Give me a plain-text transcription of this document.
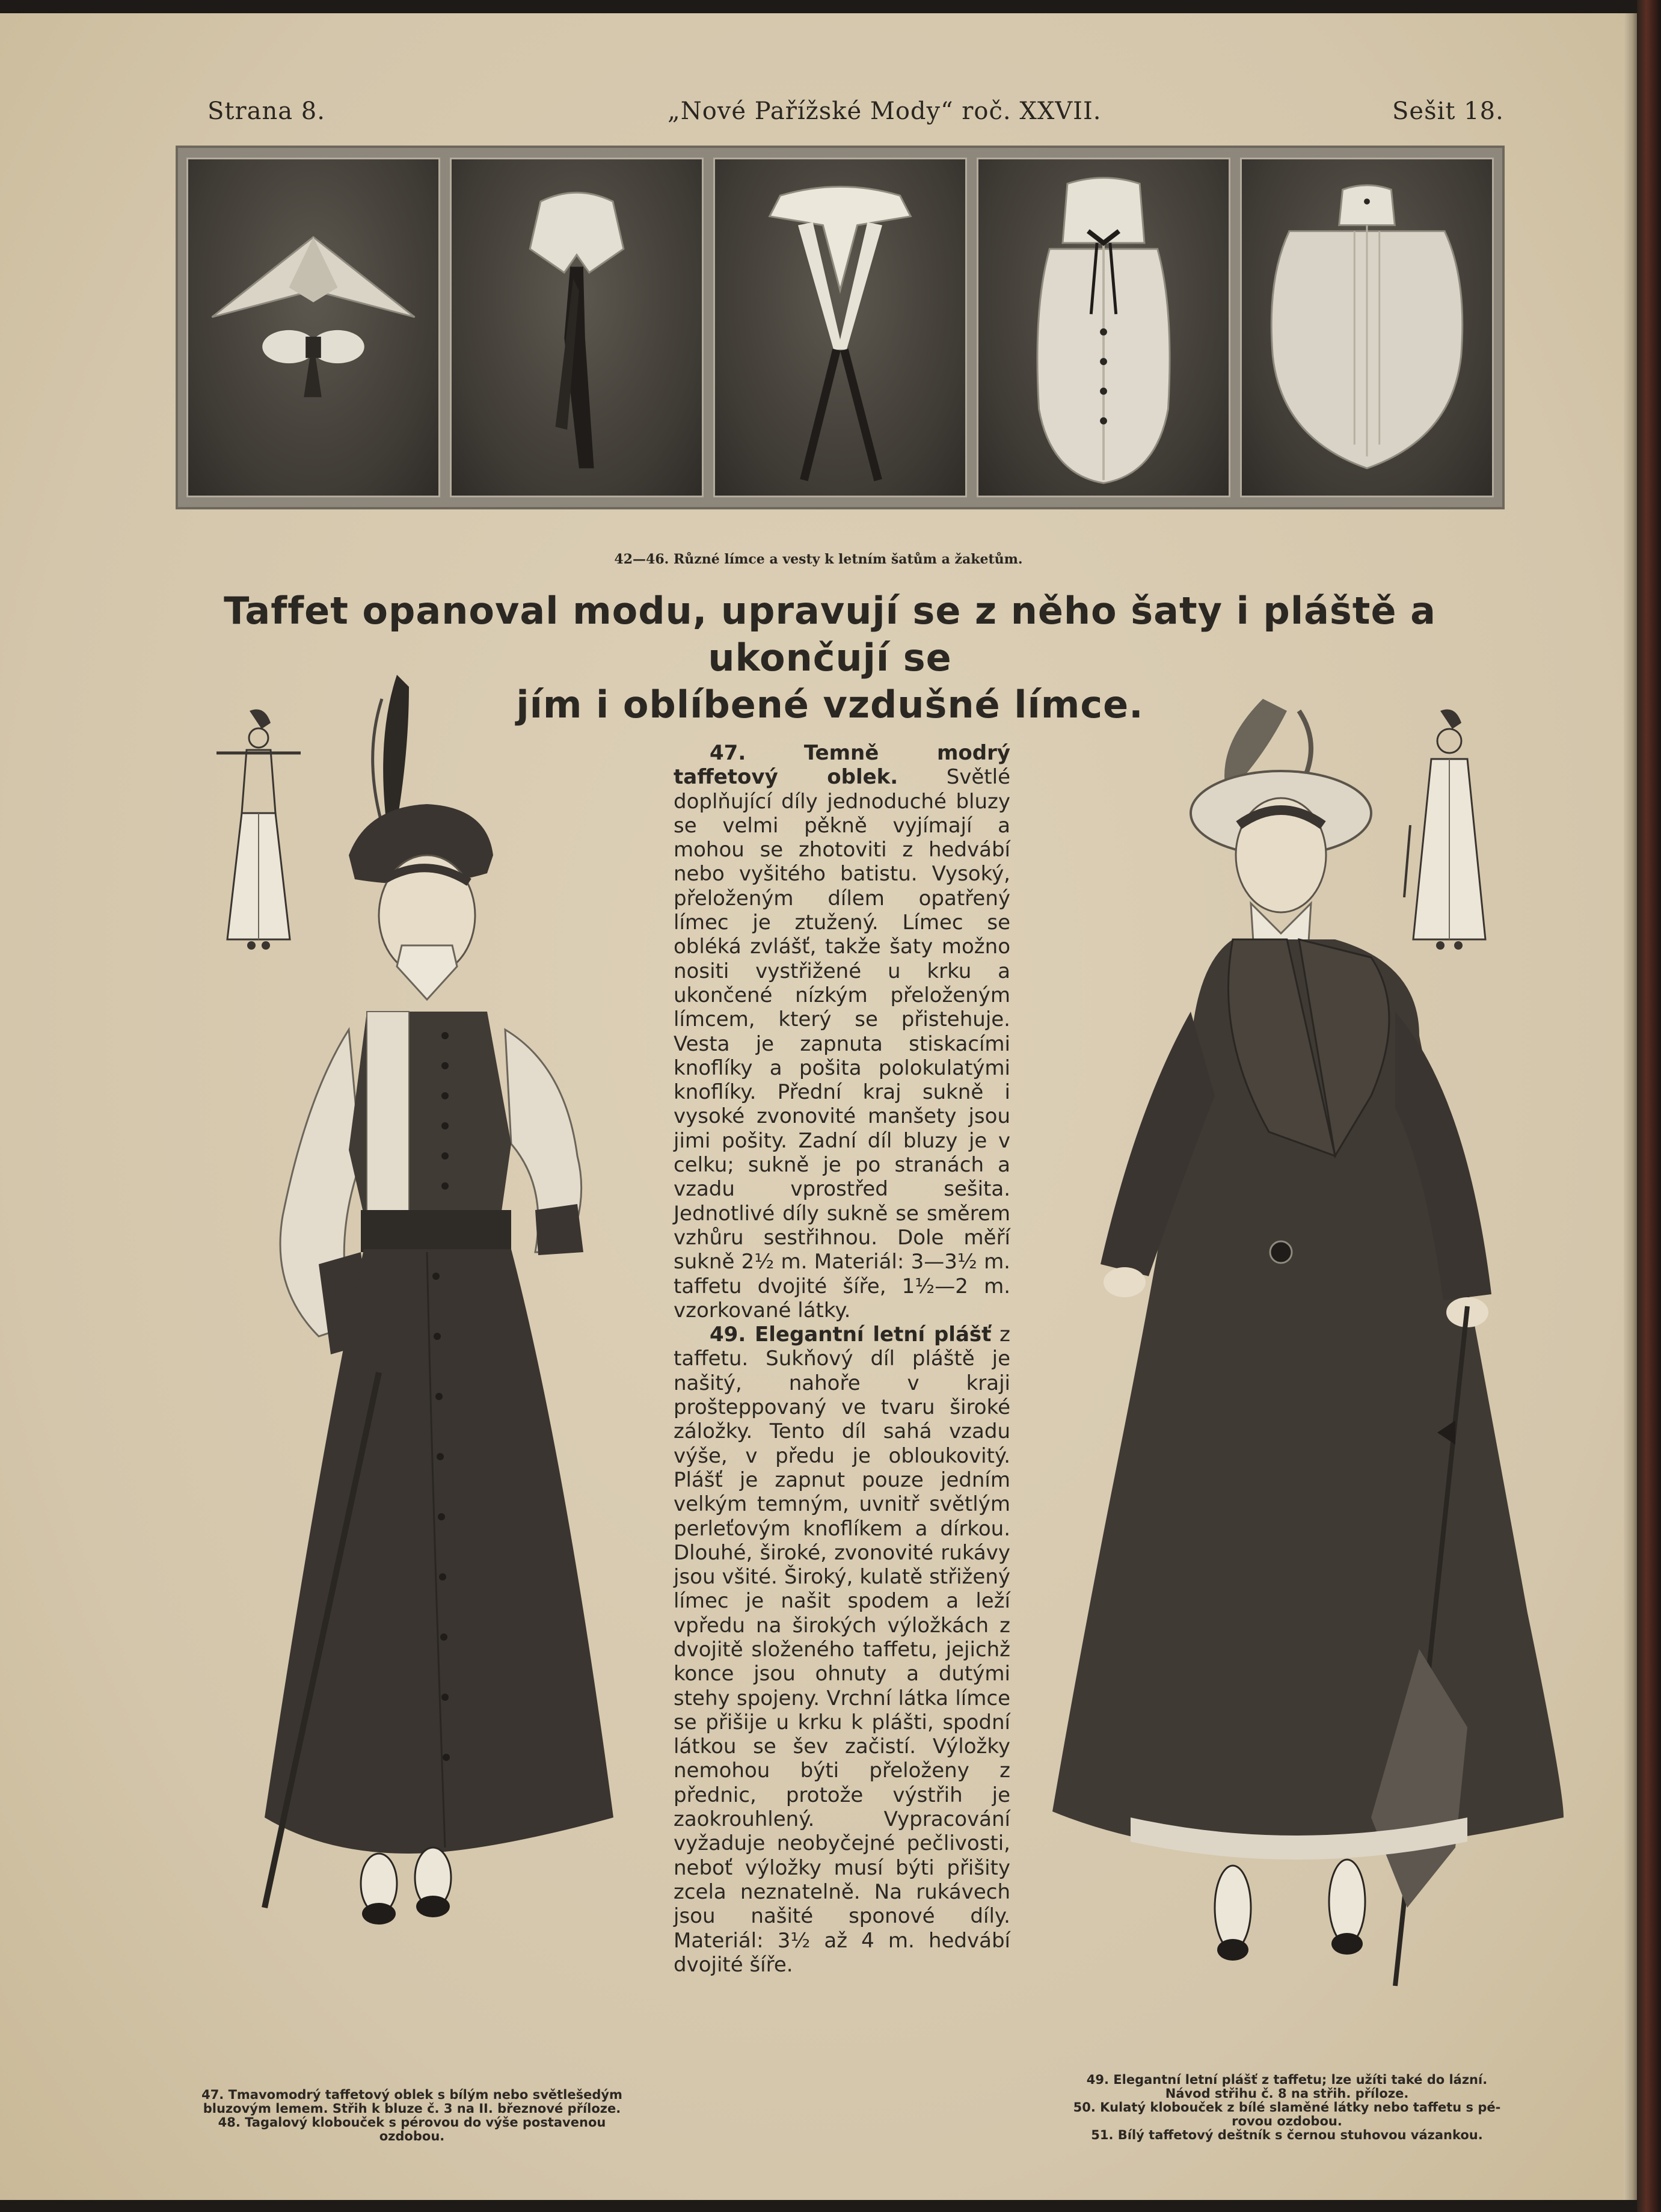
Strana 8.	„Nové Pařížské Mody“ roč. XXVII.	Sešit 18.
42—46. Různé límce a vesty k letním šatům a žaketům.
Taffet opanoval modu, upravují se z něho šaty i pláště a ukončují se
jím i oblíbené vzdušné límce.

47. Temně modrý taffetový oblek. Světlé doplňující díly jednoduché bluzy se velmi pěkně vyjímají a mohou se zhotoviti z hedvábí nebo vyšitého batistu. Vysoký, přeloženým dílem opatřený límec je ztužený. Límec se obléká zvlášť, takže šaty možno nositi vystřižené u krku a ukončené nízkým přeloženým límcem, který se přistehuje. Vesta je zapnuta stiskacími knoflíky a pošita polokulatými knoflíky. Přední kraj sukně i vysoké zvonovité manšety jsou jimi pošity. Zadní díl bluzy je v celku; sukně je po stranách a vzadu vprostřed sešita. Jednotlivé díly sukně se směrem vzhůru sestřihnou. Dole měří sukně 2½ m. Materiál: 3—3½ m. taffetu dvojité šíře, 1½—2 m. vzorkované látky.

49. Elegantní letní plášť z taffetu. Sukňový díl pláště je našitý, nahoře v kraji prošteppovaný ve tvaru široké záložky. Tento díl sahá vzadu výše, v předu je obloukovitý. Plášť je zapnut pouze jedním velkým temným, uvnitř světlým perleťovým knoflíkem a dírkou. Dlouhé, široké, zvonovité rukávy jsou všité. Široký, kulatě střižený límec je našit spodem a leží vpředu na širokých výložkách z dvojitě složeného taffetu, jejichž konce jsou ohnuty a dutými stehy spojeny. Vrchní látka límce se přišije u krku k plášti, spodní látkou se šev začistí. Výložky nemohou býti přeloženy z přednic, protože výstřih je zaokrouhlený. Vypracování vyžaduje neobyčejné pečlivosti, neboť výložky musí býti přišity zcela neznatelně. Na rukávech jsou našité sponové díly. Materiál: 3½ až 4 m. hedvábí dvojité šíře.

47. Tmavomodrý taffetový oblek s bílým nebo světlešedým
bluzovým lemem. Střih k bluze č. 3 na II. březnové příloze.
48. Tagalový klobouček s pérovou do výše postavenou
ozdobou.
49. Elegantní letní plášť z taffetu; lze užíti také do lázní.
Návod střihu č. 8 na střih. příloze.
50. Kulatý klobouček z bílé slaměné látky nebo taffetu s pé-
rovou ozdobou.
51. Bílý taffetový deštník s černou stuhovou vázankou.
